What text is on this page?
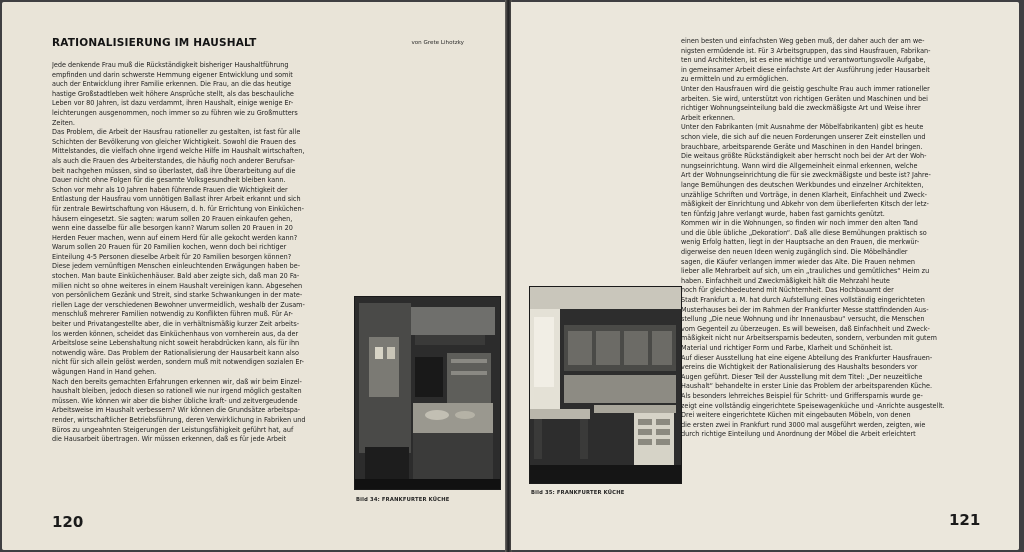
RATIONALISIERUNG IM HAUSHALT	von Grete Lihotzky
Jede denkende Frau muß die Rückständigkeit bisheriger Haushaltführung
empfinden und darin schwerste Hemmung eigener Entwicklung und somit
auch der Entwicklung ihrer Familie erkennen. Die Frau, an die das heutige
hastige Großstadtleben weit höhere Ansprüche stellt, als das beschauliche
Leben vor 80 Jahren, ist dazu verdammt, ihren Haushalt, einige wenige Er-
leichterungen ausgenommen, noch immer so zu führen wie zu Großmutters
Zeiten.
Das Problem, die Arbeit der Hausfrau rationeller zu gestalten, ist fast für alle
Schichten der Bevölkerung von gleicher Wichtigkeit. Sowohl die Frauen des
Mittelstandes, die vielfach ohne irgend welche Hilfe im Haushalt wirtschaften,
als auch die Frauen des Arbeiterstandes, die häufig noch anderer Berufsar-
beit nachgehen müssen, sind so überlastet, daß ihre Überarbeitung auf die
Dauer nicht ohne Folgen für die gesamte Volksgesundheit bleiben kann.
Schon vor mehr als 10 Jahren haben führende Frauen die Wichtigkeit der
Entlastung der Hausfrau vom unnötigen Ballast ihrer Arbeit erkannt und sich
für zentrale Bewirtschaftung von Häusern, d. h. für Errichtung von Einküchen-
häusern eingesetzt. Sie sagten: warum sollen 20 Frauen einkaufen gehen,
wenn eine dasselbe für alle besorgen kann? Warum sollen 20 Frauen in 20
Herden Feuer machen, wenn auf einem Herd für alle gekocht werden kann?
Warum sollen 20 Frauen für 20 Familien kochen, wenn doch bei richtiger
Einteilung 4-5 Personen dieselbe Arbeit für 20 Familien besorgen können?
Diese jedem vernünftigen Menschen einleuchtenden Erwägungen haben be-
stochen. Man baute Einküchenhäuser. Bald aber zeigte sich, daß man 20 Fa-
milien nicht so ohne weiteres in einem Haushalt vereinigen kann. Abgesehen
von persönlichem Gezänk und Streit, sind starke Schwankungen in der mate-
riellen Lage der verschiedenen Bewohner unvermeidlich, weshalb der Zusam-
menschluß mehrerer Familien notwendig zu Konflikten führen muß. Für Ar-
beiter und Privatangestellte aber, die in verhältnismäßig kurzer Zeit arbeits-
los werden können, scheidet das Einküchenhaus von vornherein aus, da der
Arbeitslose seine Lebenshaltung nicht soweit herabdrücken kann, als für ihn
notwendig wäre. Das Problem der Rationalisierung der Hausarbeit kann also
nicht für sich allein gelöst werden, sondern muß mit notwendigen sozialen Er-
wägungen Hand in Hand gehen.
Nach den bereits gemachten Erfahrungen erkennen wir, daß wir beim Einzel-
haushalt bleiben, jedoch diesen so rationell wie nur irgend möglich gestalten
müssen. Wie können wir aber die bisher übliche kraft- und zeitvergeudende
Arbeitsweise im Haushalt verbessern? Wir können die Grundsätze arbeitspa-
render, wirtschaftlicher Betriebsführung, deren Verwirklichung in Fabriken und
Büros zu ungeahnten Steigerungen der Leistungsfähigkeit geführt hat, auf
die Hausarbeit übertragen. Wir müssen erkennen, daß es für jede Arbeit
Bild 34: FRANKFURTER KÜCHE
120
Bild 35: FRANKFURTER KÜCHE
einen besten und einfachsten Weg geben muß, der daher auch der am we-
nigsten ermüdende ist. Für 3 Arbeitsgruppen, das sind Hausfrauen, Fabrikan-
ten und Architekten, ist es eine wichtige und verantwortungsvolle Aufgabe,
in gemeinsamer Arbeit diese einfachste Art der Ausführung jeder Hausarbeit
zu ermitteln und zu ermöglichen.
Unter den Hausfrauen wird die geistig geschulte Frau auch immer rationeller
arbeiten. Sie wird, unterstützt von richtigen Geräten und Maschinen und bei
richtiger Wohnungseinteilung bald die zweckmäßigste Art und Weise ihrer
Arbeit erkennen.
Unter den Fabrikanten (mit Ausnahme der Möbelfabrikanten) gibt es heute
schon viele, die sich auf die neuen Forderungen unserer Zeit einstellen und
brauchbare, arbeitsparende Geräte und Maschinen in den Handel bringen.
Die weitaus größte Rückständigkeit aber herrscht noch bei der Art der Woh-
nungseinrichtung. Wann wird die Allgemeinheit einmal erkennen, welche
Art der Wohnungseinrichtung die für sie zweckmäßigste und beste ist? Jahre-
lange Bemühungen des deutschen Werkbundes und einzelner Architekten,
unzählige Schriften und Vorträge, in denen Klarheit, Einfachheit und Zweck-
mäßigkeit der Einrichtung und Abkehr von dem überlieferten Kitsch der letz-
ten fünfzig Jahre verlangt wurde, haben fast garnichts genützt.
Kommen wir in die Wohnungen, so finden wir noch immer den alten Tand
und die üble übliche „Dekoration“. Daß alle diese Bemühungen praktisch so
wenig Erfolg hatten, liegt in der Hauptsache an den Frauen, die merkwür-
digerweise den neuen Ideen wenig zugänglich sind. Die Möbelhändler
sagen, die Käufer verlangen immer wieder das Alte. Die Frauen nehmen
lieber alle Mehrarbeit auf sich, um ein „trauliches und gemütliches“ Heim zu
haben. Einfachheit und Zweckmäßigkeit hält die Mehrzahl heute
noch für gleichbedeutend mit Nüchternheit. Das Hochbauamt der
Stadt Frankfurt a. M. hat durch Aufstellung eines vollständig eingerichteten
Musterhauses bei der im Rahmen der Frankfurter Messe stattfindenden Aus-
stellung „Die neue Wohnung und ihr Innenausbau“ versucht, die Menschen
vom Gegenteil zu überzeugen. Es will beweisen, daß Einfachheit und Zweck-
mäßigkeit nicht nur Arbeitsersparnis bedeuten, sondern, verbunden mit gutem
Material und richtiger Form und Farbe, Klarheit und Schönheit ist.
Auf dieser Ausstellung hat eine eigene Abteilung des Frankfurter Hausfrauen-
vereins die Wichtigkeit der Rationalisierung des Haushalts besonders vor
Augen geführt. Dieser Teil der Ausstellung mit dem Titel: „Der neuzeitliche
Haushalt“ behandelte in erster Linie das Problem der arbeitsparenden Küche.
Als besonders lehrreiches Beispiel für Schritt- und Griffersparnis wurde ge-
zeigt eine vollständig eingerichtete Speisewagenküche und -Anrichte ausgestellt.
Drei weitere eingerichtete Küchen mit eingebauten Möbeln, von denen
die ersten zwei in Frankfurt rund 3000 mal ausgeführt werden, zeigten, wie
durch richtige Einteilung und Anordnung der Möbel die Arbeit erleichtert
121
